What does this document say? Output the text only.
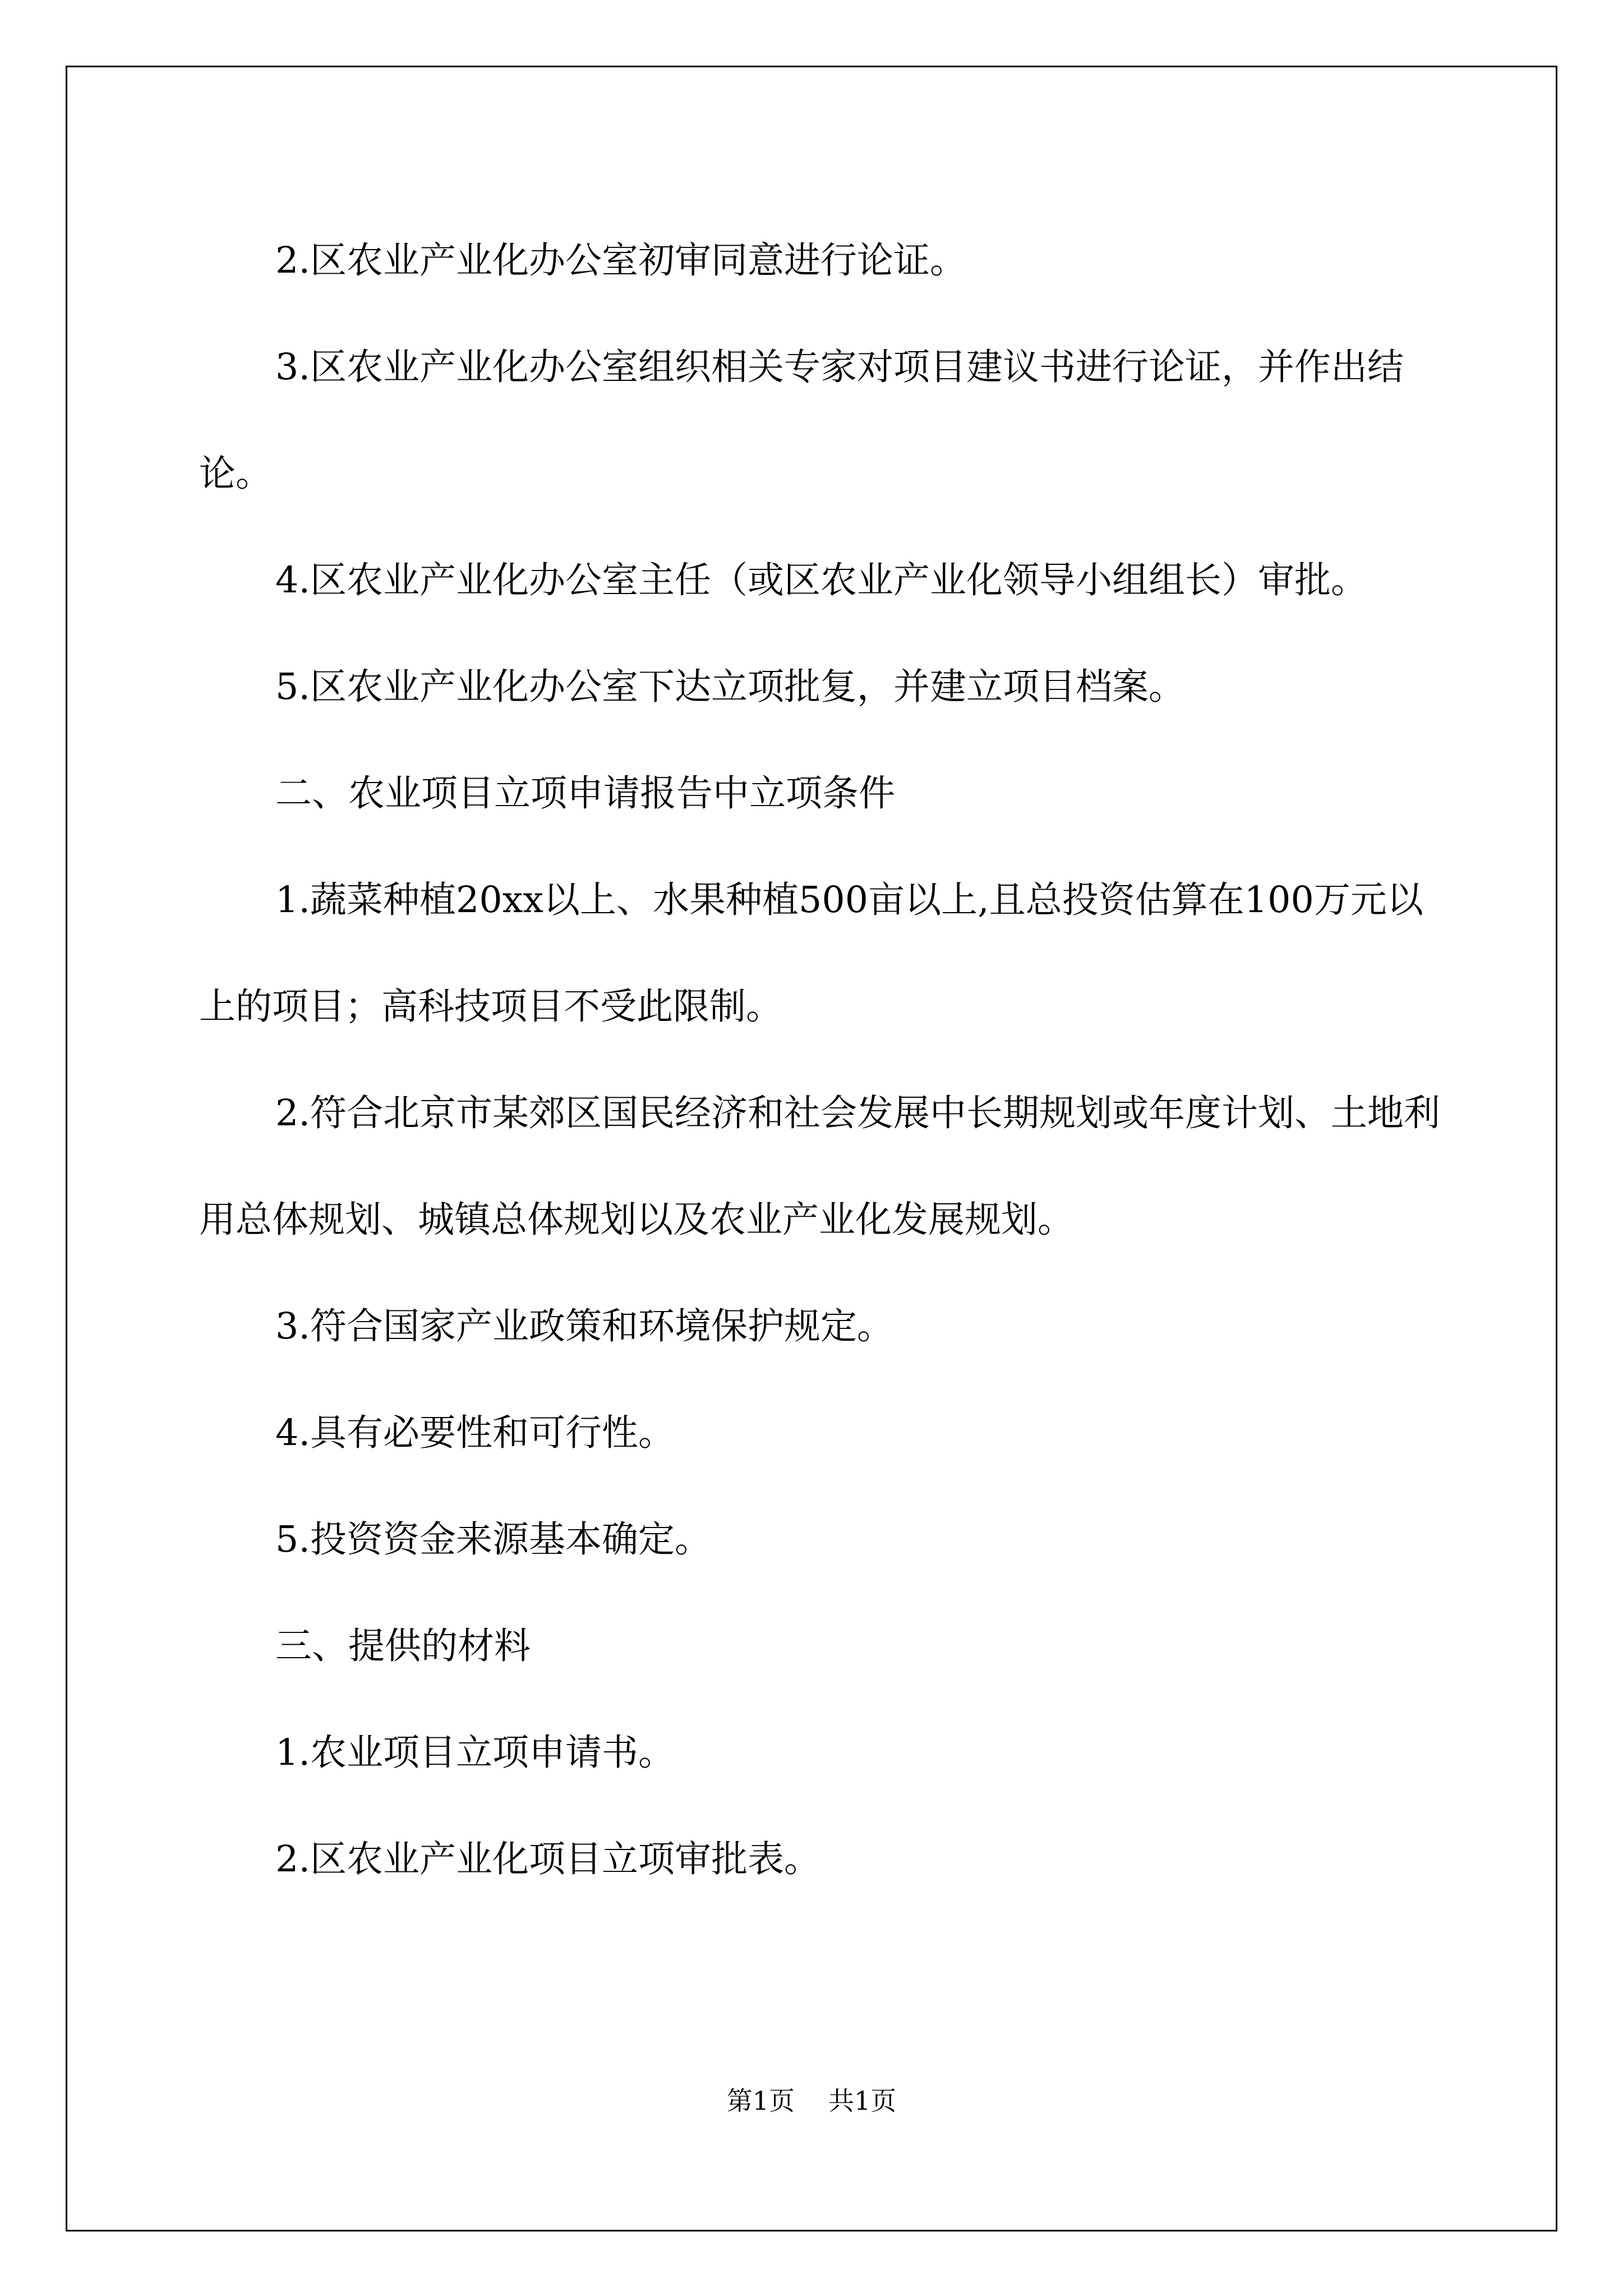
2.区农业产业化办公室初审同意进行论证。

3.区农业产业化办公室组织相关专家对项目建议书进行论证，并作出结论。

4.区农业产业化办公室主任（或区农业产业化领导小组组长）审批。

5.区农业产业化办公室下达立项批复，并建立项目档案。

二、农业项目立项申请报告中立项条件

1.蔬菜种植20xx以上、水果种植500亩以上,且总投资估算在100万元以上的项目；高科技项目不受此限制。

2.符合北京市某郊区国民经济和社会发展中长期规划或年度计划、土地利用总体规划、城镇总体规划以及农业产业化发展规划。

3.符合国家产业政策和环境保护规定。

4.具有必要性和可行性。

5.投资资金来源基本确定。

三、提供的材料

1.农业项目立项申请书。

2.区农业产业化项目立项审批表。

第1页 共1页
